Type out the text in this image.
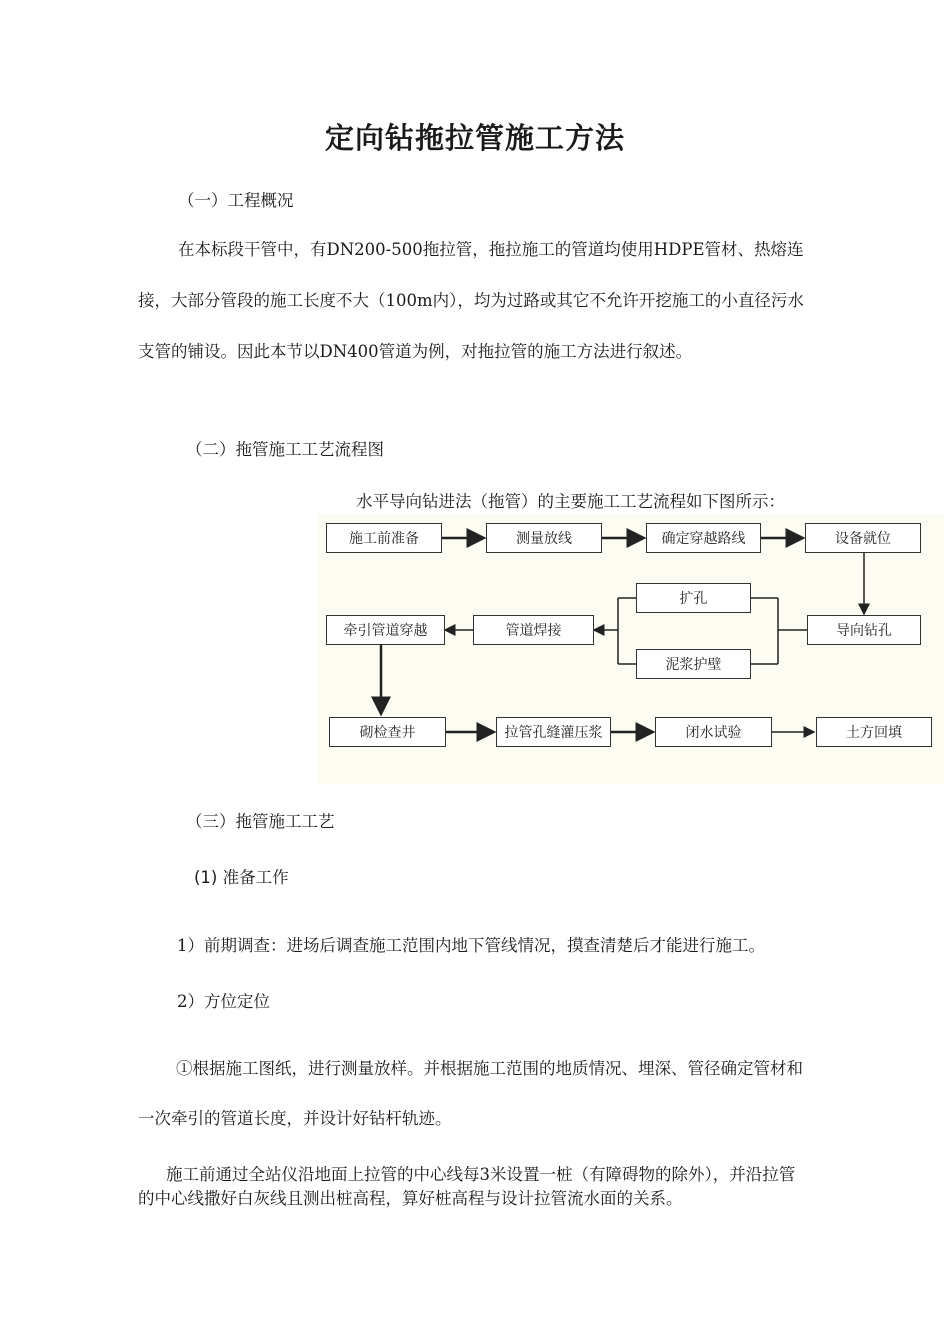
定向钻拖拉管施工方法
（一）工程概况
在本标段干管中，有DN200-500拖拉管，拖拉施工的管道均使用HDPE管材、热熔连接，大部分管段的施工长度不大（100m内），均为过路或其它不允许开挖施工的小直径污水支管的铺设。因此本节以DN400管道为例，对拖拉管的施工方法进行叙述。
（二）拖管施工工艺流程图
水平导向钻进法（拖管）的主要施工工艺流程如下图所示：
施工前准备	测量放线	确定穿越路线	设备就位
扩孔
牵引管道穿越	管道焊接	导向钻孔
泥浆护壁
砌检查井	拉管孔缝灌压浆	闭水试验	土方回填
（三）拖管施工工艺
(1) 准备工作
1）前期调查：进场后调查施工范围内地下管线情况，摸查清楚后才能进行施工。
2）方位定位
①根据施工图纸，进行测量放样。并根据施工范围的地质情况、埋深、管径确定管材和一次牵引的管道长度，并设计好钻杆轨迹。
施工前通过全站仪沿地面上拉管的中心线每3米设置一桩（有障碍物的除外），并沿拉管的中心线撒好白灰线且测出桩高程，算好桩高程与设计拉管流水面的关系。
